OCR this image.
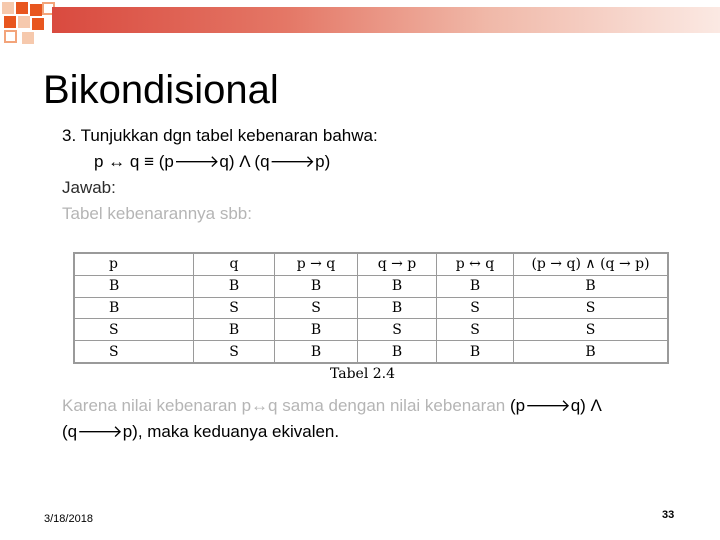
Bikondisional
3. Tunjukkan dgn tabel kebenaran bahwa:
p ↔ q ≡ (p🡒q) Λ (q🡒p)
Jawab:
Tabel kebenarannya sbb:
p	q	p → q	q → p	p ↔ q	(p → q) ∧ (q → p)
B	B	B	B	B	B
B	S	S	B	S	S
S	B	B	S	S	S
S	S	B	B	B	B
Tabel 2.4
Karena nilai kebenaran p↔q sama dengan nilai kebenaran (p🡒q) Λ
(q🡒p), maka keduanya ekivalen.
3/18/2018	33
